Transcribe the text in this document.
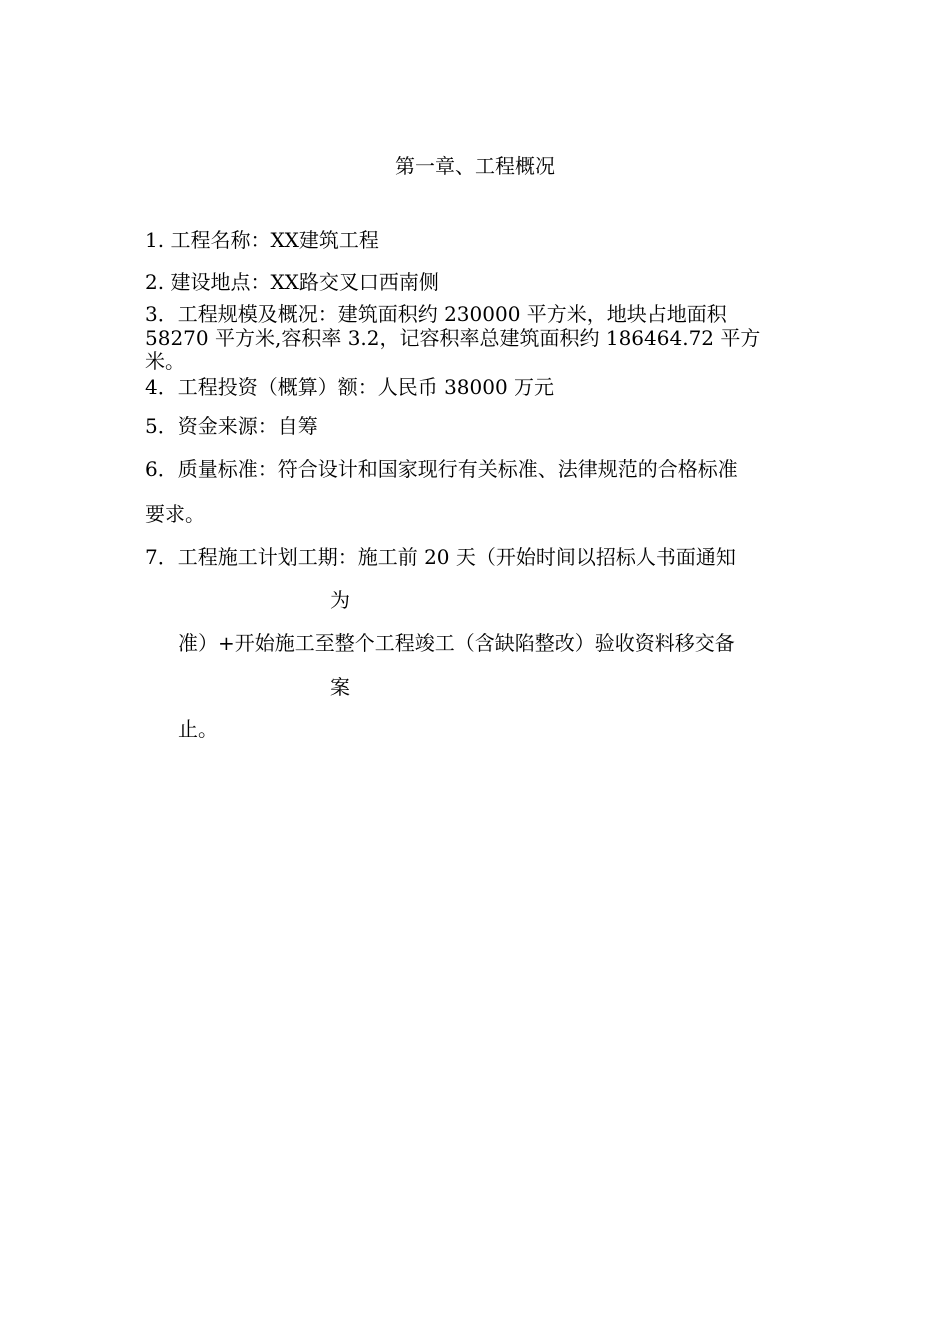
第一章、工程概况

1. 工程名称：XX建筑工程

2. 建设地点：XX路交叉口西南侧

3．工程规模及概况：建筑面积约 230000 平方米，地块占地面积

58270 平方米,容积率 3.2，记容积率总建筑面积约 186464.72 平方

米。

4．工程投资（概算）额：人民币 38000 万元

5．资金来源：自筹

6．质量标准：符合设计和国家现行有关标准、法律规范的合格标准

要求。

7．工程施工计划工期：施工前 20 天（开始时间以招标人书面通知

为

准）+开始施工至整个工程竣工（含缺陷整改）验收资料移交备

案

止。
